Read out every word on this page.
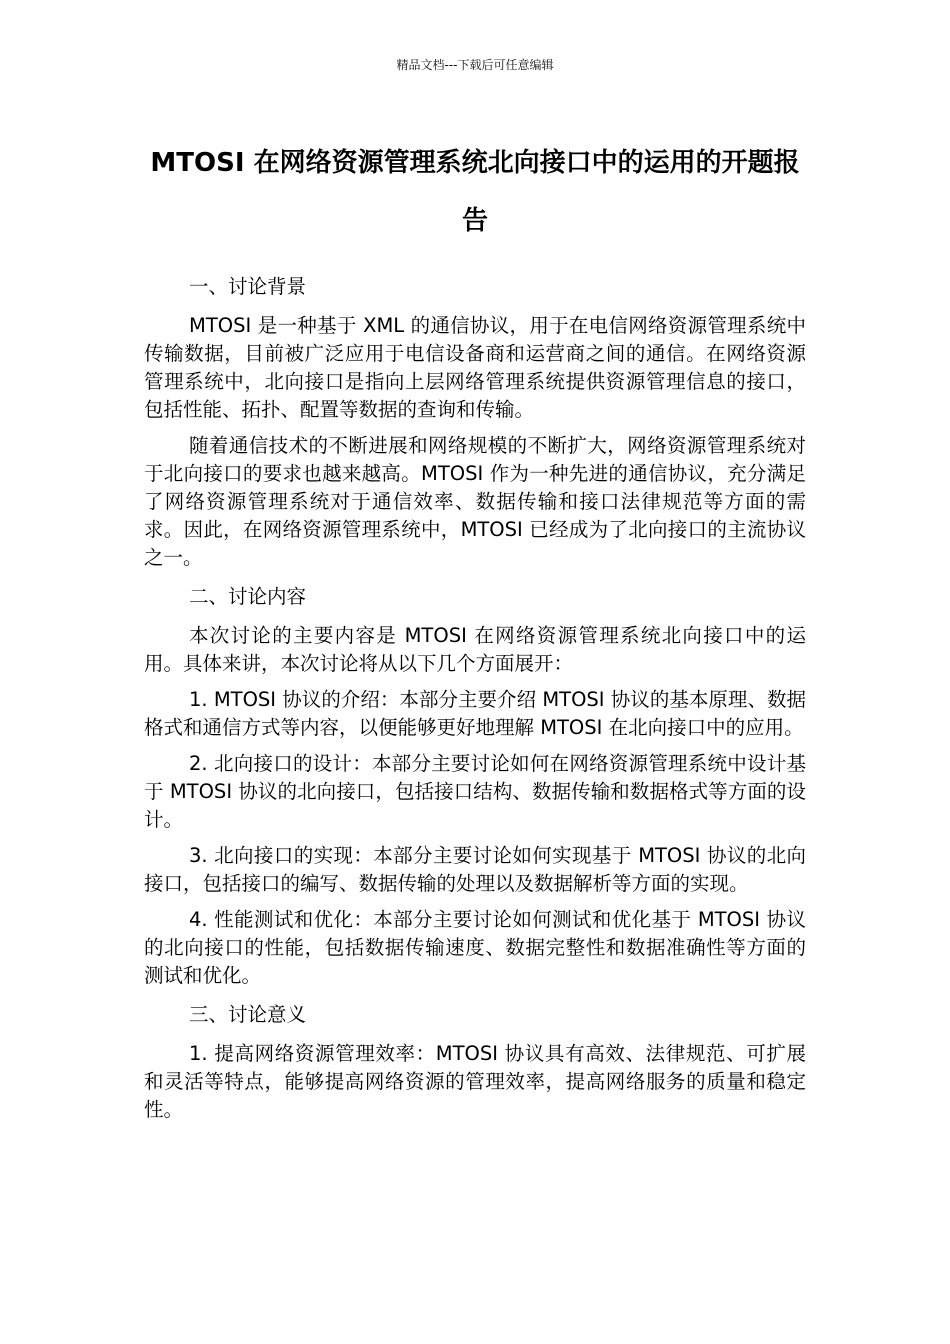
精品文档---下载后可任意编辑
MTOSI 在网络资源管理系统北向接口中的运用的开题报告

一、讨论背景

MTOSI 是一种基于 XML 的通信协议，用于在电信网络资源管理系统中传输数据，目前被广泛应用于电信设备商和运营商之间的通信。在网络资源管理系统中，北向接口是指向上层网络管理系统提供资源管理信息的接口，包括性能、拓扑、配置等数据的查询和传输。

随着通信技术的不断进展和网络规模的不断扩大，网络资源管理系统对于北向接口的要求也越来越高。MTOSI 作为一种先进的通信协议，充分满足了网络资源管理系统对于通信效率、数据传输和接口法律规范等方面的需求。因此，在网络资源管理系统中，MTOSI 已经成为了北向接口的主流协议之一。

二、讨论内容

本次讨论的主要内容是 MTOSI 在网络资源管理系统北向接口中的运用。具体来讲，本次讨论将从以下几个方面展开：

1. MTOSI 协议的介绍：本部分主要介绍 MTOSI 协议的基本原理、数据格式和通信方式等内容，以便能够更好地理解 MTOSI 在北向接口中的应用。

2. 北向接口的设计：本部分主要讨论如何在网络资源管理系统中设计基于 MTOSI 协议的北向接口，包括接口结构、数据传输和数据格式等方面的设计。

3. 北向接口的实现：本部分主要讨论如何实现基于 MTOSI 协议的北向接口，包括接口的编写、数据传输的处理以及数据解析等方面的实现。

4. 性能测试和优化：本部分主要讨论如何测试和优化基于 MTOSI 协议的北向接口的性能，包括数据传输速度、数据完整性和数据准确性等方面的测试和优化。

三、讨论意义

1. 提高网络资源管理效率：MTOSI 协议具有高效、法律规范、可扩展和灵活等特点，能够提高网络资源的管理效率，提高网络服务的质量和稳定性。
